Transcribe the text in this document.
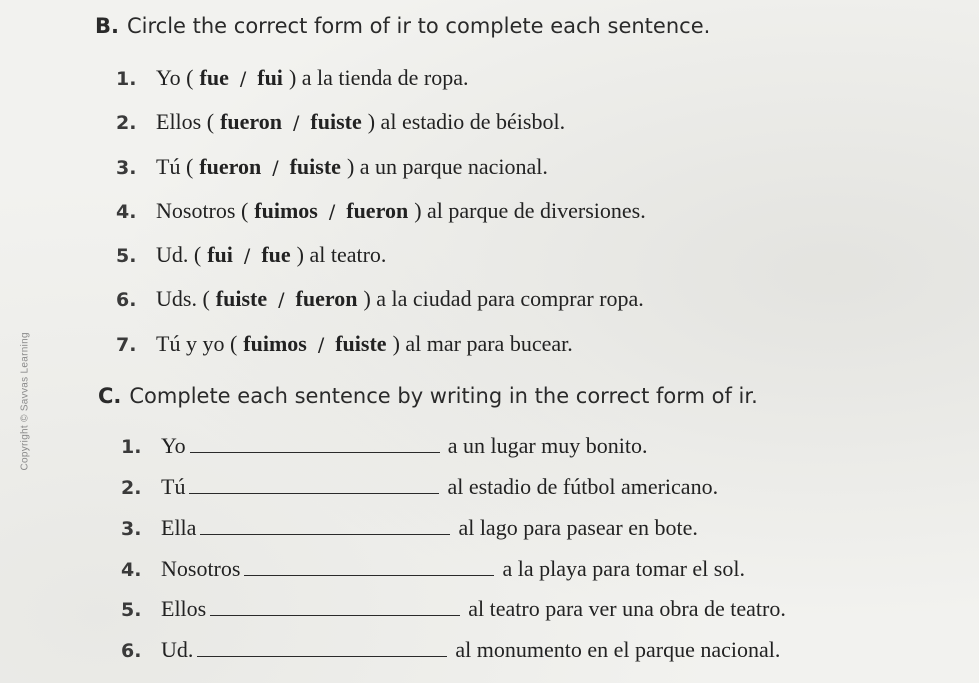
Copyright © Savvas Learning
B. Circle the correct form of ir to complete each sentence.
1. Yo ( fue / fui ) a la tienda de ropa.
2. Ellos ( fueron / fuiste ) al estadio de béisbol.
3. Tú ( fueron / fuiste ) a un parque nacional.
4. Nosotros ( fuimos / fueron ) al parque de diversiones.
5. Ud. ( fui / fue ) al teatro.
6. Uds. ( fuiste / fueron ) a la ciudad para comprar ropa.
7. Tú y yo ( fuimos / fuiste ) al mar para bucear.
C. Complete each sentence by writing in the correct form of ir.
1. Yo	a un lugar muy bonito.
2. Tú	al estadio de fútbol americano.
3. Ella	al lago para pasear en bote.
4. Nosotros	a la playa para tomar el sol.
5. Ellos	al teatro para ver una obra de teatro.
6. Ud.	al monumento en el parque nacional.
